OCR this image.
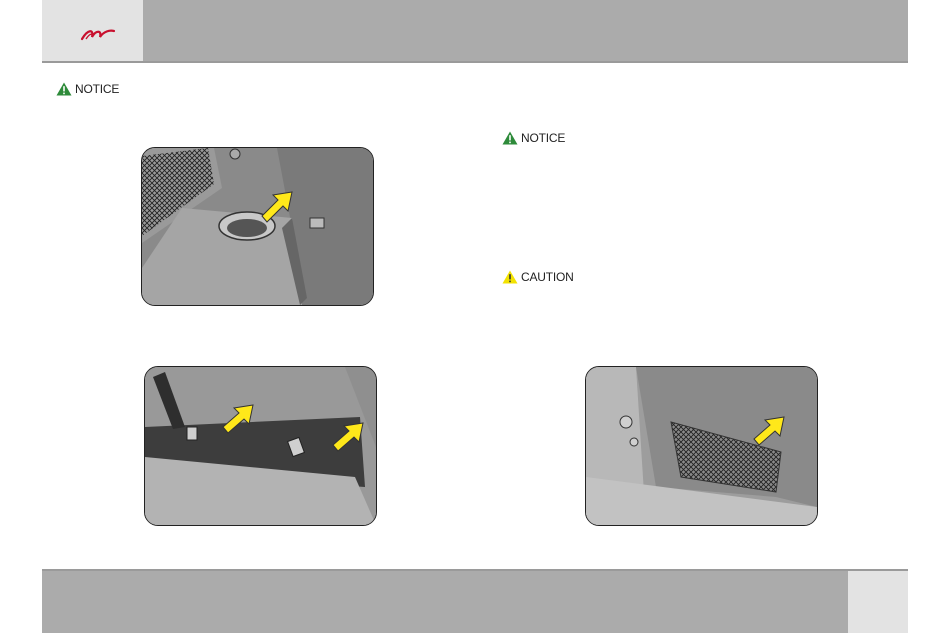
NOTICE
NOTICE
CAUTION
